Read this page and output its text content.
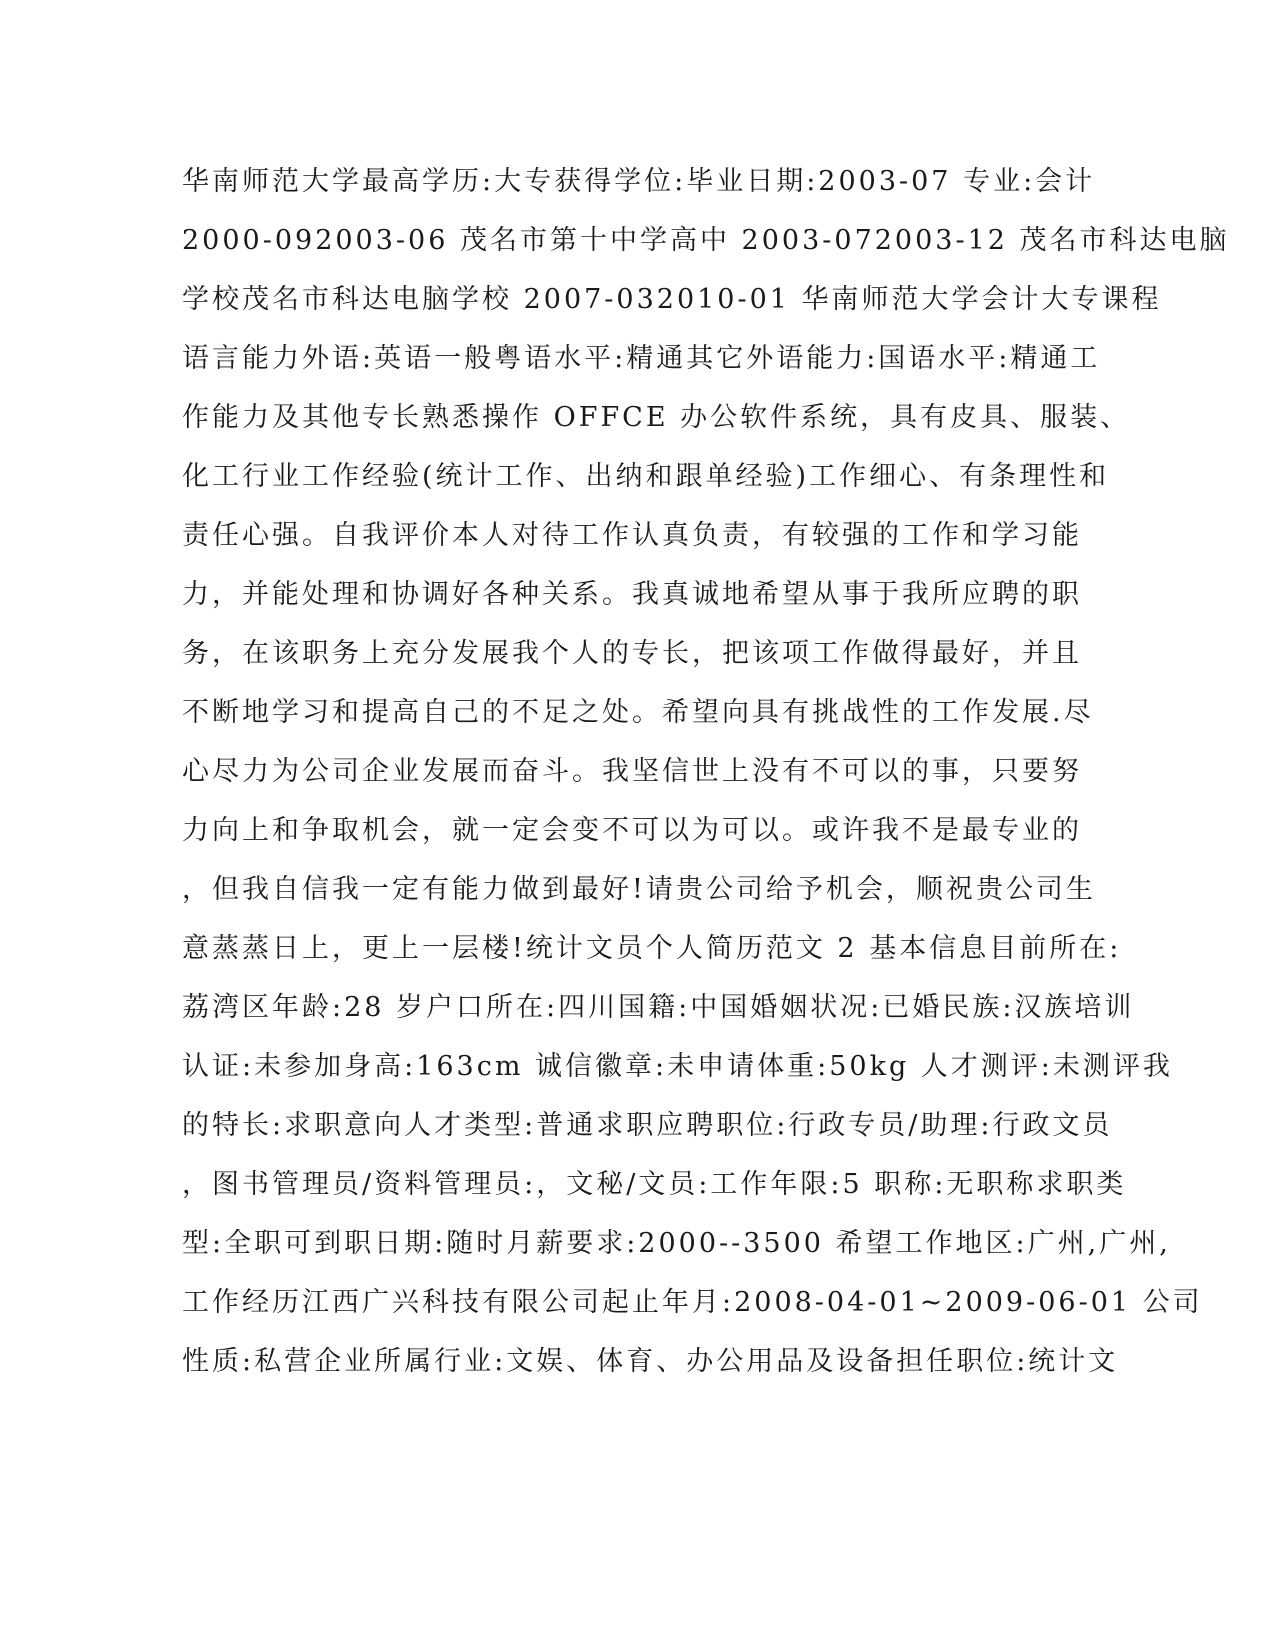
华南师范大学最高学历:大专获得学位:毕业日期:2003-07 专业:会计
2000-092003-06 茂名市第十中学高中 2003-072003-12 茂名市科达电脑
学校茂名市科达电脑学校 2007-032010-01 华南师范大学会计大专课程
语言能力外语:英语一般粤语水平:精通其它外语能力:国语水平:精通工
作能力及其他专长熟悉操作 OFFCE 办公软件系统，具有皮具、服装、
化工行业工作经验(统计工作、出纳和跟单经验)工作细心、有条理性和
责任心强。自我评价本人对待工作认真负责，有较强的工作和学习能
力，并能处理和协调好各种关系。我真诚地希望从事于我所应聘的职
务，在该职务上充分发展我个人的专长，把该项工作做得最好，并且
不断地学习和提高自己的不足之处。希望向具有挑战性的工作发展.尽
心尽力为公司企业发展而奋斗。我坚信世上没有不可以的事，只要努
力向上和争取机会，就一定会变不可以为可以。或许我不是最专业的
，但我自信我一定有能力做到最好!请贵公司给予机会，顺祝贵公司生
意蒸蒸日上，更上一层楼!统计文员个人简历范文 2 基本信息目前所在:
荔湾区年龄:28 岁户口所在:四川国籍:中国婚姻状况:已婚民族:汉族培训
认证:未参加身高:163cm 诚信徽章:未申请体重:50kg 人才测评:未测评我
的特长:求职意向人才类型:普通求职应聘职位:行政专员/助理:行政文员
，图书管理员/资料管理员:，文秘/文员:工作年限:5 职称:无职称求职类
型:全职可到职日期:随时月薪要求:2000--3500 希望工作地区:广州,广州,
工作经历江西广兴科技有限公司起止年月:2008-04-01~2009-06-01 公司
性质:私营企业所属行业:文娱、体育、办公用品及设备担任职位:统计文
